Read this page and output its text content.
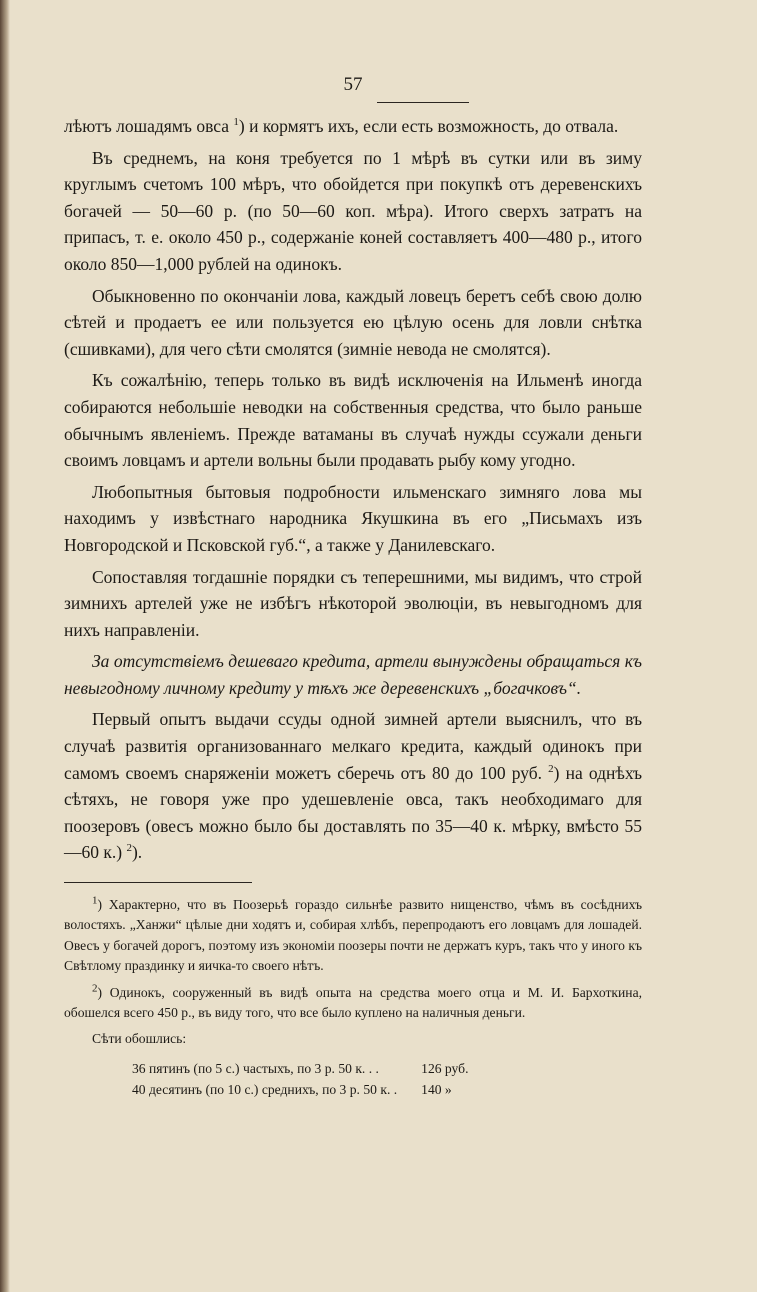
57

лѣютъ лошадямъ овса $^1$) и кормятъ ихъ, если есть возможность, до отвала.

Въ среднемъ, на коня требуется по 1 мѣрѣ въ сутки или въ зиму круглымъ счетомъ 100 мѣръ, что обойдется при покупкѣ отъ деревенскихъ богачей — 50—60 р. (по 50—60 коп. мѣра). Итого сверхъ затратъ на припасъ, т. е. около 450 р., содержаніе коней составляетъ 400—480 р., итого около 850—1,000 рублей на одинокъ.

Обыкновенно по окончаніи лова, каждый ловецъ беретъ себѣ свою долю сѣтей и продаетъ ее или пользуется ею цѣлую осень для ловли снѣтка (сшивками), для чего сѣти смолятся (зимніе невода не смолятся).

Къ сожалѣнію, теперь только въ видѣ исключенія на Ильменѣ иногда собираются небольшіе неводки на собственныя средства, что было раньше обычнымъ явленіемъ. Прежде ватаманы въ случаѣ нужды ссужали деньги своимъ ловцамъ и артели вольны были продавать рыбу кому угодно.

Любопытныя бытовыя подробности ильменскаго зимняго лова мы находимъ у извѣстнаго народника Якушкина въ его „Письмахъ изъ Новгородской и Псковской губ.“, а также у Данилевскаго.

Сопоставляя тогдашніе порядки съ теперешними, мы видимъ, что строй зимнихъ артелей уже не избѣгъ нѣкоторой эволюціи, въ невыгодномъ для нихъ направленіи.

За отсутствіемъ дешеваго кредита, артели вынуждены обращаться къ невыгодному личному кредиту у тѣхъ же деревенскихъ „богачковъ“.

Первый опытъ выдачи ссуды одной зимней артели выяснилъ, что въ случаѣ развитія организованнаго мелкаго кредита, каждый одинокъ при самомъ своемъ снаряженіи можетъ сберечь отъ 80 до 100 руб. $^2$) на однѣхъ сѣтяхъ, не говоря уже про удешевленіе овса, такъ необходимаго для поозеровъ (овесъ можно было бы доставлять по 35—40 к. мѣрку, вмѣсто 55—60 к.) $^2$).

$^1$) Характерно, что въ Поозерьѣ гораздо сильнѣе развито нищенство, чѣмъ въ сосѣднихъ волостяхъ. „Ханжи“ цѣлые дни ходятъ и, собирая хлѣбъ, перепродаютъ его ловцамъ для лошадей. Овесъ у богачей дорогъ, поэтому изъ экономіи поозеры почти не держатъ куръ, такъ что у иного къ Свѣтлому праздинку и яичка-то своего нѣтъ.

$^2$) Одинокъ, сооруженный въ видѣ опыта на средства моего отца и М. И. Бархоткина, обошелся всего 450 р., въ виду того, что все было куплено на наличныя деньги.

Сѣти обошлись:
36 пятинъ (по 5 с.) частыхъ, по 3 р. 50 к. . .	126 руб.
40 десятинъ (по 10 с.) среднихъ, по 3 р. 50 к. .	140 »
